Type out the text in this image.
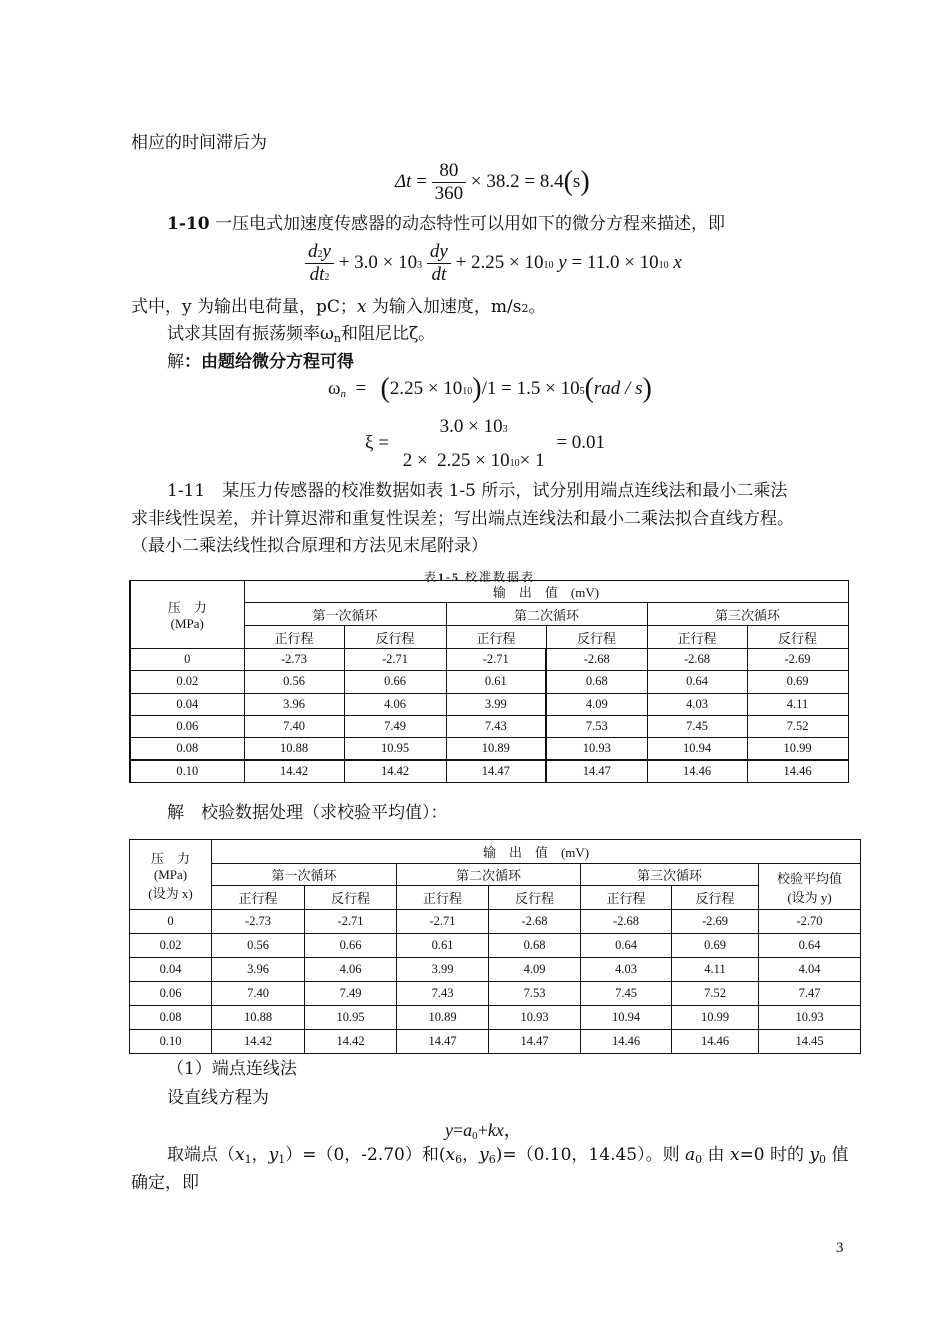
相应的时间滞后为
$\Delta t = \frac{80}{360} \times 38.2 = 8.4(s)$
1-10 一压电式加速度传感器的动态特性可以用如下的微分方程来描述，即
$\frac{d2y}{dt2} + 3.0 \times 103 \frac{dy}{dt} + 2.25 \times 1010$ y = 11.0 × 1010 x
式中，y 为输出电荷量，pC；x 为输入加速度，m/s2。
试求其固有振荡频率$\omega_n$和阻尼比ζ。
解：由题给微分方程可得
$\omega_n = (2.25 \times 1010)/1 = 1.5 \times 105(rad / s)$
ξ =
3.0 × 103
2 × 2.25 × 1010× 1
= 0.01
1-11　某压力传感器的校准数据如表 1-5 所示，试分别用端点连线法和最小二乘法
求非线性误差，并计算迟滞和重复性误差；写出端点连线法和最小二乘法拟合直线方程。
（最小二乘法线性拟合原理和方法见末尾附录）
表1-5 校准数据表
压　力
(MPa)	输　出　值　(mV)					
	第一次循环		第二次循环		第三次循环	
	正行程	反行程	正行程	反行程	正行程	反行程
0	-2.73	-2.71	-2.71	-2.68	-2.68	-2.69
0.02	0.56	0.66	0.61	0.68	0.64	0.69
0.04	3.96	4.06	3.99	4.09	4.03	4.11
0.06	7.40	7.49	7.43	7.53	7.45	7.52
0.08	10.88	10.95	10.89	10.93	10.94	10.99
0.10	14.42	14.42	14.47	14.47	14.46	14.46
解　校验数据处理（求校验平均值）：
压　力
(MPa)
(设为 x)	输　出　值　(mV)						
	第一次循环		第二次循环		第三次循环		校验平均值
(设为 y)

	正行程	反行程	正行程	反行程	正行程	反行程	
0	-2.73	-2.71	-2.71	-2.68	-2.68	-2.69	-2.70
0.02	0.56	0.66	0.61	0.68	0.64	0.69	0.64
0.04	3.96	4.06	3.99	4.09	4.03	4.11	4.04
0.06	7.40	7.49	7.43	7.53	7.45	7.52	7.47
0.08	10.88	10.95	10.89	10.93	10.94	10.99	10.93
0.10	14.42	14.42	14.47	14.47	14.46	14.46	14.45
（1）端点连线法
设直线方程为
$y=a_0+kx$，
取端点（$x_1$，$y_1)=(0$，-2.70）和($x_6$，$y_6)=(0.10$，14.45）。则 $a_0$ 由 x=0 时的 $y_0$ 值
确定，即
3
